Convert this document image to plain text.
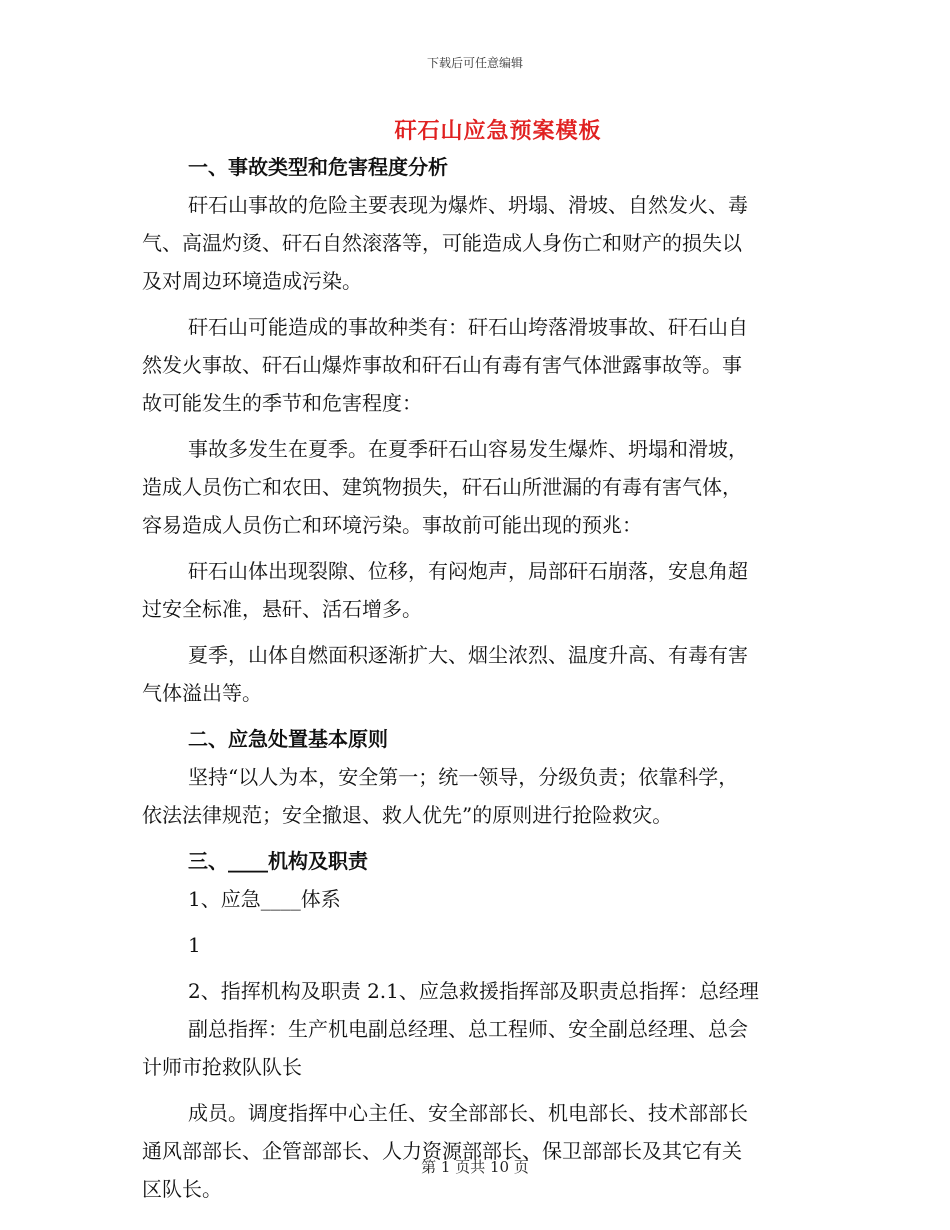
下载后可任意编辑
矸石山应急预案模板
一、事故类型和危害程度分析
矸石山事故的危险主要表现为爆炸、坍塌、滑坡、自然发火、毒
气、高温灼烫、矸石自然滚落等，可能造成人身伤亡和财产的损失以
及对周边环境造成污染。
矸石山可能造成的事故种类有：矸石山垮落滑坡事故、矸石山自
然发火事故、矸石山爆炸事故和矸石山有毒有害气体泄露事故等。事
故可能发生的季节和危害程度：
事故多发生在夏季。在夏季矸石山容易发生爆炸、坍塌和滑坡，
造成人员伤亡和农田、建筑物损失，矸石山所泄漏的有毒有害气体，
容易造成人员伤亡和环境污染。事故前可能出现的预兆：
矸石山体出现裂隙、位移，有闷炮声，局部矸石崩落，安息角超
过安全标准，悬矸、活石增多。
夏季，山体自燃面积逐渐扩大、烟尘浓烈、温度升高、有毒有害
气体溢出等。
二、应急处置基本原则
坚持“以人为本，安全第一；统一领导，分级负责；依靠科学，
依法法律规范；安全撤退、救人优先”的原则进行抢险救灾。
三、____机构及职责
1、应急____体系
1
2、指挥机构及职责 2.1、应急救援指挥部及职责总指挥：总经理
副总指挥：生产机电副总经理、总工程师、安全副总经理、总会
计师市抢救队队长
成员。调度指挥中心主任、安全部部长、机电部长、技术部部长
通风部部长、企管部部长、人力资源部部长、保卫部部长及其它有关
区队长。
第 1 页共 10 页
